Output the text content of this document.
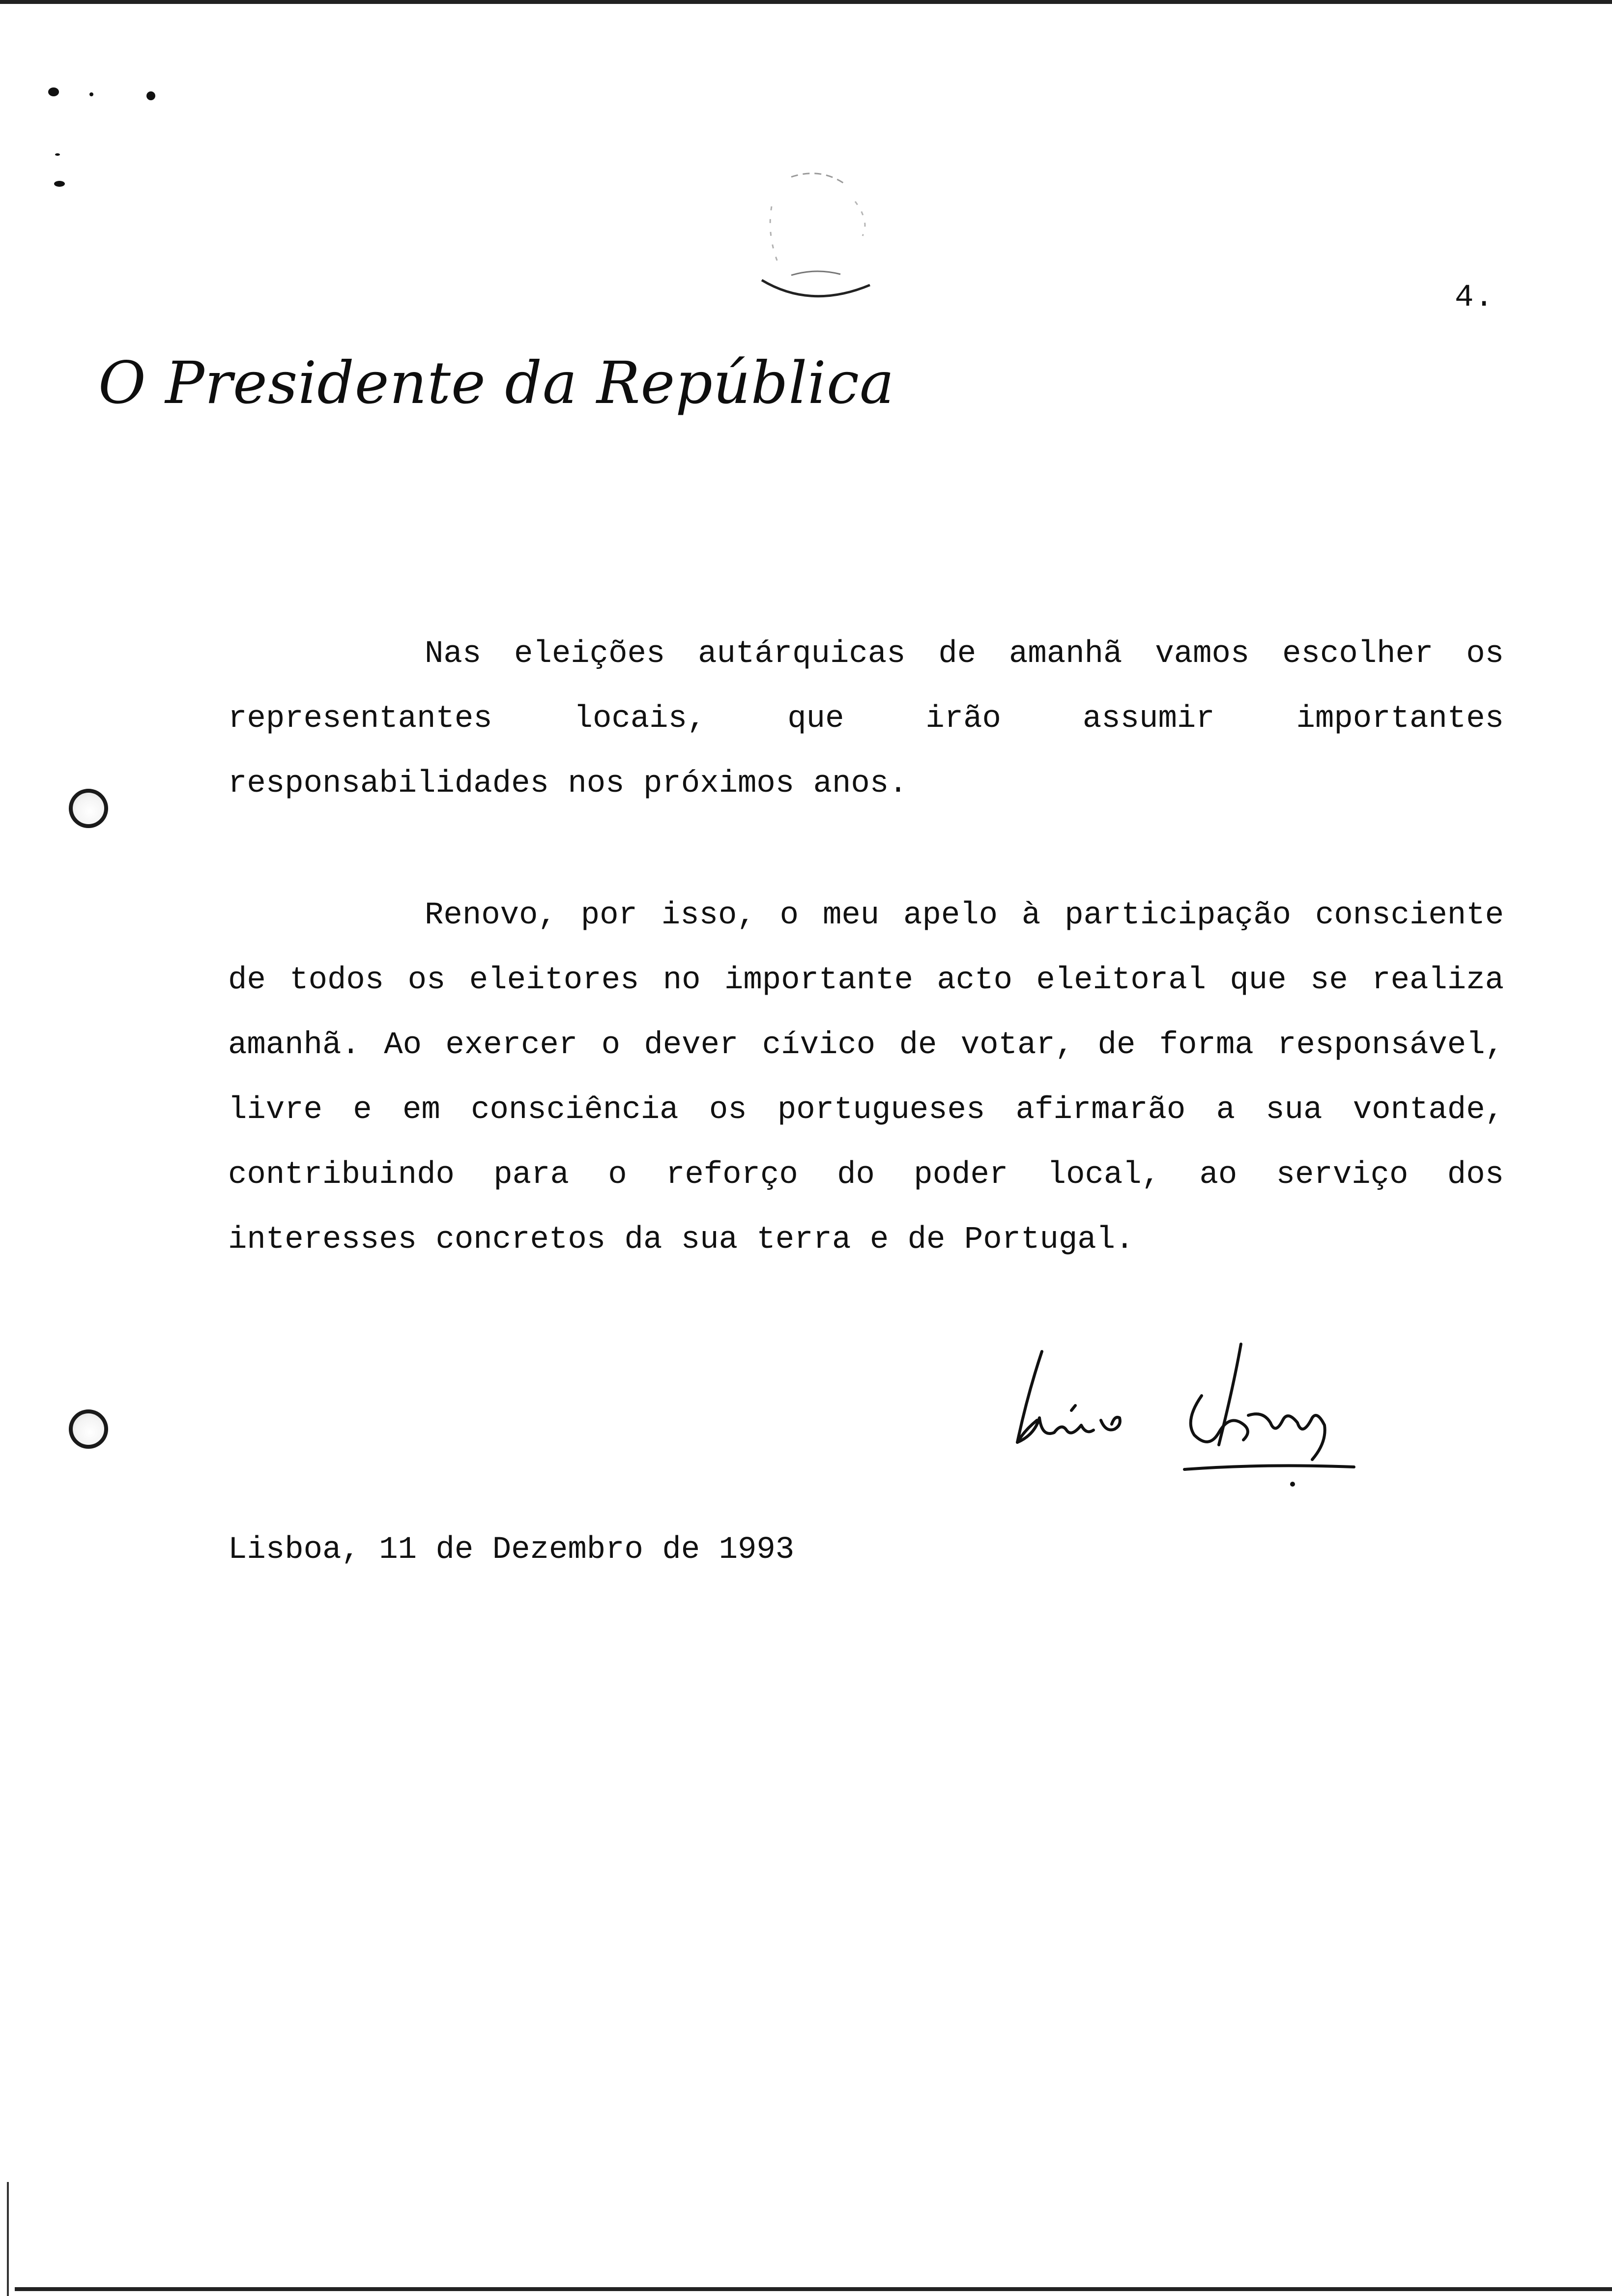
4.
O Presidente da República
Nas eleições autárquicas de amanhã vamos escolher os
representantes locais, que irão assumir importantes
responsabilidades nos próximos anos.
Renovo, por isso, o meu apelo à participação consciente
de todos os eleitores no importante acto eleitoral que se realiza
amanhã. Ao exercer o dever cívico de votar, de forma responsável,
livre e em consciência os portugueses afirmarão a sua vontade,
contribuindo para o reforço do poder local, ao serviço dos
interesses concretos da sua terra e de Portugal.
Lisboa, 11 de Dezembro de 1993
